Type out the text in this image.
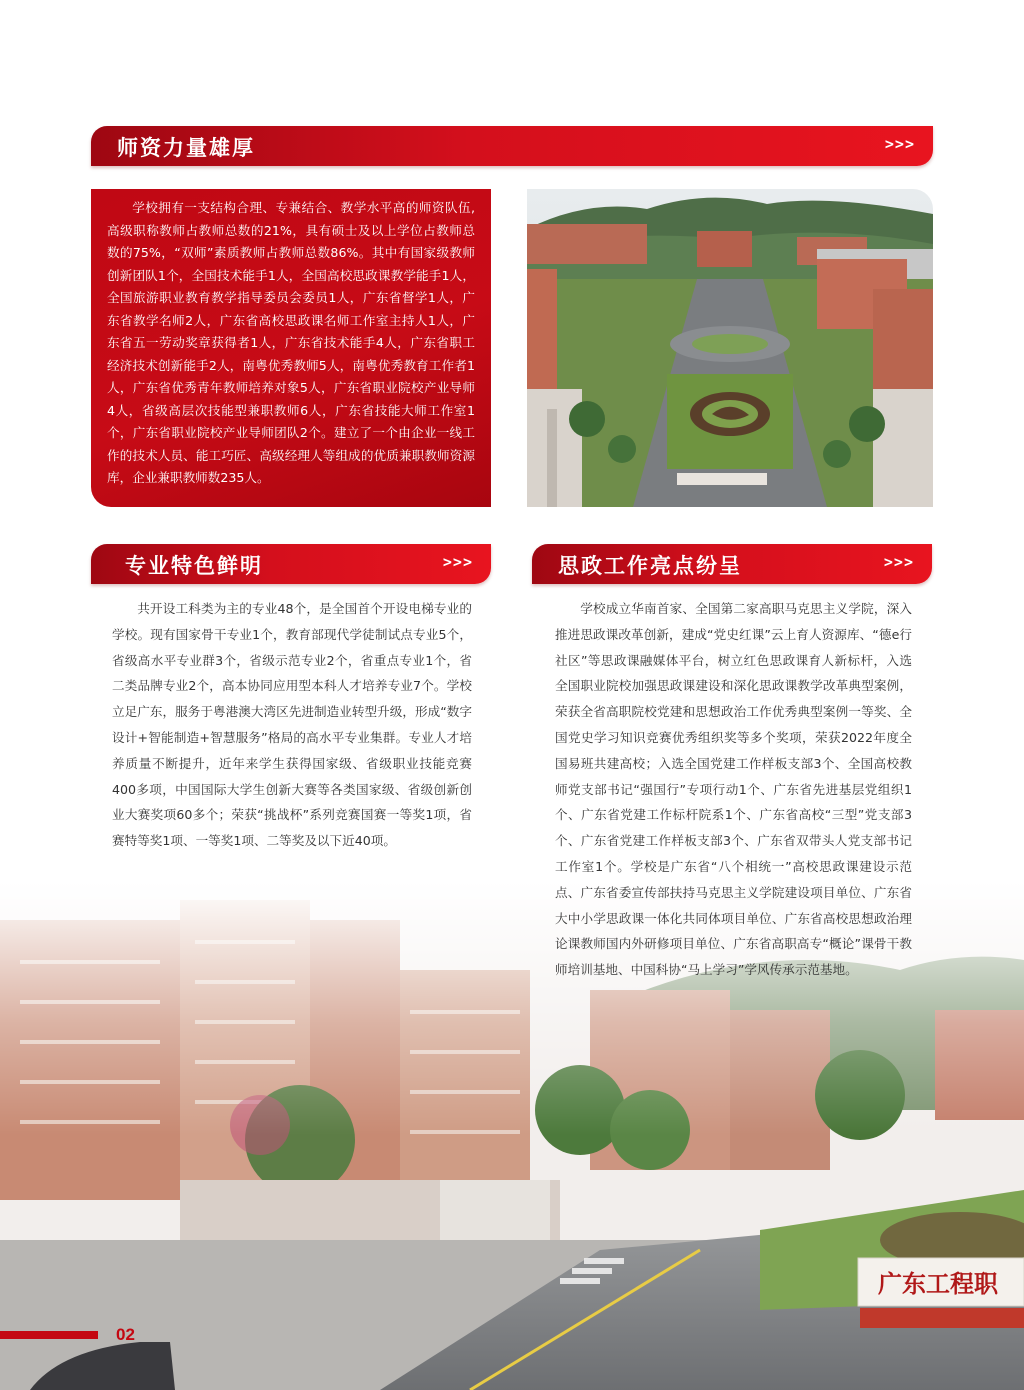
师资力量雄厚	>>>

学校拥有一支结构合理、专兼结合、教学水平高的师资队伍,高级职称教师占教师总数的21%，具有硕士及以上学位占教师总数的75%，“双师”素质教师占教师总数86%。其中有国家级教师创新团队1个，全国技术能手1人，全国高校思政课教学能手1人，全国旅游职业教育教学指导委员会委员1人，广东省督学1人，广东省教学名师2人，广东省高校思政课名师工作室主持人1人，广东省五一劳动奖章获得者1人，广东省技术能手4人，广东省职工经济技术创新能手2人，南粤优秀教师5人，南粤优秀教育工作者1人，广东省优秀青年教师培养对象5人，广东省职业院校产业导师4人，省级高层次技能型兼职教师6人，广东省技能大师工作室1个，广东省职业院校产业导师团队2个。建立了一个由企业一线工作的技术人员、能工巧匠、高级经理人等组成的优质兼职教师资源库，企业兼职教师数235人。

专业特色鲜明	>>>	思政工作亮点纷呈	>>>

共开设工科类为主的专业48个，是全国首个开设电梯专业的学校。现有国家骨干专业1个，教育部现代学徒制试点专业5个，省级高水平专业群3个，省级示范专业2个，省重点专业1个，省二类品牌专业2个，高本协同应用型本科人才培养专业7个。学校立足广东，服务于粤港澳大湾区先进制造业转型升级，形成“数字设计+智能制造+智慧服务”格局的高水平专业集群。专业人才培养质量不断提升，近年来学生获得国家级、省级职业技能竞赛400多项，中国国际大学生创新大赛等各类国家级、省级创新创业大赛奖项60多个；荣获“挑战杯”系列竞赛国赛一等奖1项，省赛特等奖1项、一等奖1项、二等奖及以下近40项。

学校成立华南首家、全国第二家高职马克思主义学院，深入推进思政课改革创新，建成“党史红课”云上育人资源库、“德e行社区”等思政课融媒体平台，树立红色思政课育人新标杆，入选全国职业院校加强思政课建设和深化思政课教学改革典型案例，荣获全省高职院校党建和思想政治工作优秀典型案例一等奖、全国党史学习知识竞赛优秀组织奖等多个奖项，荣获2022年度全国易班共建高校；入选全国党建工作样板支部3个、全国高校教师党支部书记“强国行”专项行动1个、广东省先进基层党组织1个、广东省党建工作标杆院系1个、广东省高校“三型”党支部3个、广东省党建工作样板支部3个、广东省双带头人党支部书记工作室1个。学校是广东省“八个相统一”高校思政课建设示范点、广东省委宣传部扶持马克思主义学院建设项目单位、广东省大中小学思政课一体化共同体项目单位、广东省高校思想政治理论课教师国内外研修项目单位、广东省高职高专“概论”课骨干教师培训基地、中国科协“马上学习”学风传承示范基地。

02
